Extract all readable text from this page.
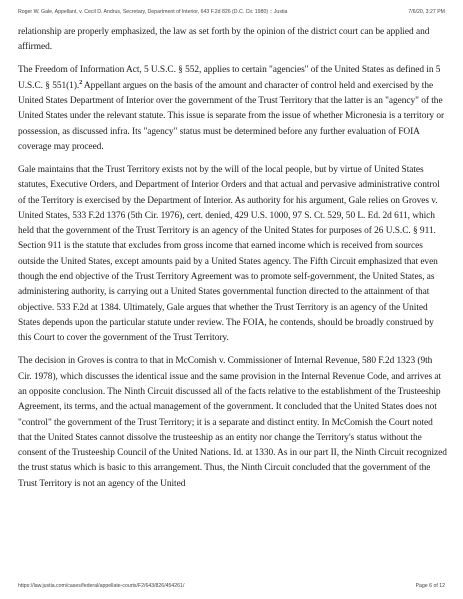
Roger W. Gale, Appellant, v. Cecil D. Andrus, Secretary, Department of Interior, 643 F.2d 826 (D.C. Cir. 1980) :: Justia	7/6/20, 3:27 PM

relationship are properly emphasized, the law as set forth by the opinion of the district court can be applied and affirmed.

The Freedom of Information Act, 5 U.S.C. § 552, applies to certain "agencies" of the United States as defined in 5 U.S.C. § 551(1).$^2$ Appellant argues on the basis of the amount and character of control held and exercised by the United States Department of Interior over the government of the Trust Territory that the latter is an "agency" of the United States under the relevant statute. This issue is separate from the issue of whether Micronesia is a territory or possession, as discussed infra. Its "agency" status must be determined before any further evaluation of FOIA coverage may proceed.

Gale maintains that the Trust Territory exists not by the will of the local people, but by virtue of United States statutes, Executive Orders, and Department of Interior Orders and that actual and pervasive administrative control of the Territory is exercised by the Department of Interior. As authority for his argument, Gale relies on Groves v. United States, 533 F.2d 1376 (5th Cir. 1976), cert. denied, 429 U.S. 1000, 97 S. Ct. 529, 50 L. Ed. 2d 611, which held that the government of the Trust Territory is an agency of the United States for purposes of 26 U.S.C. § 911. Section 911 is the statute that excludes from gross income that earned income which is received from sources outside the United States, except amounts paid by a United States agency. The Fifth Circuit emphasized that even though the end objective of the Trust Territory Agreement was to promote self-government, the United States, as administering authority, is carrying out a United States governmental function directed to the attainment of that objective. 533 F.2d at 1384. Ultimately, Gale argues that whether the Trust Territory is an agency of the United States depends upon the particular statute under review. The FOIA, he contends, should be broadly construed by this Court to cover the government of the Trust Territory.

The decision in Groves is contra to that in McComish v. Commissioner of Internal Revenue, 580 F.2d 1323 (9th Cir. 1978), which discusses the identical issue and the same provision in the Internal Revenue Code, and arrives at an opposite conclusion. The Ninth Circuit discussed all of the facts relative to the establishment of the Trusteeship Agreement, its terms, and the actual management of the government. It concluded that the United States does not "control" the government of the Trust Territory; it is a separate and distinct entity. In McComish the Court noted that the United States cannot dissolve the trusteeship as an entity nor change the Territory's status without the consent of the Trusteeship Council of the United Nations. Id. at 1330. As in our part II, the Ninth Circuit recognized the trust status which is basic to this arrangement. Thus, the Ninth Circuit concluded that the government of the Trust Territory is not an agency of the United

https://law.justia.com/cases/federal/appellate-courts/F2/643/826/454261/	Page 6 of 12
